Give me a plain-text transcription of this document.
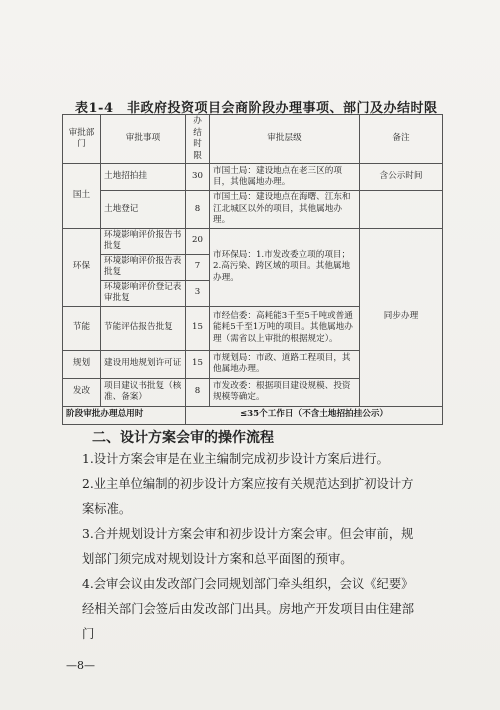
表1-4　非政府投资项目会商阶段办理事项、部门及办结时限
审批部门	审批事项	办结时限	审批层级	备注
国土	土地招拍挂	30	市国土局：建设地点在老三区的项目，其他属地办理。	含公示时间
	土地登记	8	市国土局：建设地点在海曙、江东和江北城区以外的项目，其他属地办理。	
环保	环境影响评价报告书批复	20	市环保局：1.市发改委立项的项目；2.高污染、跨区域的项目。其他属地办理。	同步办理
	环境影响评价报告表批复	7		
	环境影响评价登记表审批复	3		
节能	节能评估报告批复	15	市经信委：高耗能3千至5千吨或普通能耗5千至1万吨的项目。其他属地办理（需省以上审批的根据规定）。	
规划	建设用地规划许可证	15	市规划局：市政、道路工程项目，其他属地办理。	
发改	项目建议书批复（核准、备案）	8	市发改委：根据项目建设规模、投资规模等确定。	
阶段审批办理总用时		≤35个工作日（不含土地招拍挂公示）		
二、设计方案会审的操作流程
1.设计方案会审是在业主编制完成初步设计方案后进行。
2.业主单位编制的初步设计方案应按有关规范达到扩初设计方案标准。
3.合并规划设计方案会审和初步设计方案会审。但会审前，规划部门须完成对规划设计方案和总平面图的预审。
4.会审会议由发改部门会同规划部门牵头组织，会议《纪要》经相关部门会签后由发改部门出具。房地产开发项目由住建部门
—8—
